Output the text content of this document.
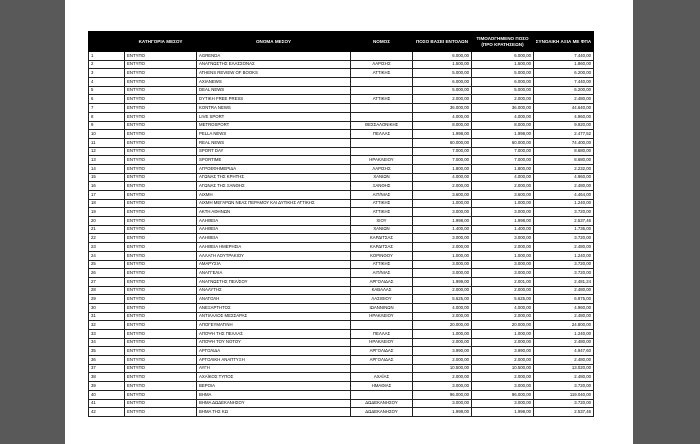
	ΚΑΤΗΓΟΡΙΑ ΜΕΣΟΥ	ΟΝΟΜΑ ΜΕΣΟΥ	ΝΟΜΟΣ	ΠΟΣΟ ΒΑΣΕΙ ΕΝΤΟΛΩΝ	ΤΙΜΟΛΟΓΗΜΕΝΟ ΠΟΣΟ (ΠΡΟ ΚΡΑΤΗΣΕΩΝ)	ΣΥΝΟΛΙΚΗ ΑΞΙΑ ΜΕ ΦΠΑ
1	ΕΝΤΥΠΟ	AGRENDA		6.000,00	6.000,00	7.440,00
2	ΕΝΤΥΠΟ	ΑΝΑΓΝΩΣΤΗΣ ΕΛΑΣΣΟΝΑΣ	ΛΑΡΙΣΗΣ	1.500,00	1.500,00	1.860,00
3	ΕΝΤΥΠΟ	ATHENS REVIEW OF BOOKS	ΑΤΤΙΚΗΣ	5.000,00	5.000,00	6.200,00
4	ΕΝΤΥΠΟ	AXIANEWS		6.000,00	6.000,00	7.440,00
5	ΕΝΤΥΠΟ	DEAL NEWS		5.000,00	5.000,00	6.200,00
6	ΕΝΤΥΠΟ	DYTIKH FREE PRESS	ΑΤΤΙΚΗΣ	2.000,00	2.000,00	2.480,00
7	ΕΝΤΥΠΟ	KONTRA NEWS		36.000,00	36.000,00	44.640,00
8	ΕΝΤΥΠΟ	LIVE SPORT		4.000,00	4.000,00	4.960,00
9	ΕΝΤΥΠΟ	METROSPORT	ΘΕΣΣΑΛΟΝΙΚΗΣ	8.000,00	8.000,00	9.920,00
10	ΕΝΤΥΠΟ	PELLA NEWS	ΠΕΛΛΑΣ	1.998,00	1.998,00	2.477,52
11	ΕΝΤΥΠΟ	REAL NEWS		60.000,00	60.000,00	74.400,00
12	ΕΝΤΥΠΟ	SPORT DAY		7.000,00	7.000,00	8.680,00
13	ΕΝΤΥΠΟ	SPORTIME	ΗΡΑΚΛΕΙΟΥ	7.000,00	7.000,00	8.680,00
14	ΕΝΤΥΠΟ	ΑΓΡΟΕΦΗΜΕΡΙΔΑ	ΛΑΡΙΣΗΣ	1.800,00	1.800,00	2.232,00
15	ΕΝΤΥΠΟ	ΑΓΩΝΑΣ ΤΗΣ ΚΡΗΤΗΣ	ΧΑΝΙΩΝ	4.000,00	4.000,00	4.960,00
16	ΕΝΤΥΠΟ	ΑΓΩΝΑΣ ΤΗΣ ΞΑΝΘΗΣ	ΞΑΝΘΗΣ	2.000,00	2.000,00	2.480,00
17	ΕΝΤΥΠΟ	ΑΙΧΜΗ	ΑΙΤ/ΝΙΑΣ	3.600,00	3.600,00	4.464,00
18	ΕΝΤΥΠΟ	ΑΙΧΜΗ ΜΕΓΑΡΩΝ ΝΕΑΣ ΠΕΡΑΜΟΥ ΚΑΙ ΔΥΤΙΚΗΣ ΑΤΤΙΚΗΣ	ΑΤΤΙΚΗΣ	1.000,00	1.000,00	1.240,00
19	ΕΝΤΥΠΟ	ΑΚΤΗ ΑΘΗΝΩΝ	ΑΤΤΙΚΗΣ	3.000,00	3.000,00	3.720,00
20	ΕΝΤΥΠΟ	ΑΛΗΘΕΙΑ	ΧΙΟΥ	1.998,00	1.998,00	2.537,46
21	ΕΝΤΥΠΟ	ΑΛΗΘΕΙΑ	ΧΑΝΙΩΝ	1.400,00	1.400,00	1.736,00
22	ΕΝΤΥΠΟ	ΑΛΗΘΕΙΑ	ΚΑΡΔΙΤΣΑΣ	3.000,00	3.000,00	3.720,00
23	ΕΝΤΥΠΟ	ΑΛΗΘΕΙΑ ΗΜΕΡΗΣΙΑ	ΚΑΡΔΙΤΣΑΣ	2.000,00	2.000,00	2.480,00
24	ΕΝΤΥΠΟ	ΑΛΛΑΓΗ ΛΟΥΤΡΑΚΙΟΥ	ΚΟΡΙΝΘΟΥ	1.000,00	1.000,00	1.240,00
25	ΕΝΤΥΠΟ	ΑΜΑΡΥΣΙΑ	ΑΤΤΙΚΗΣ	3.000,00	3.000,00	3.720,00
26	ΕΝΤΥΠΟ	ΑΝΑΓΓΕΛΙΑ	ΑΙΤ/ΝΙΑΣ	3.000,00	3.000,00	3.720,00
27	ΕΝΤΥΠΟ	ΑΝΑΓΝΩΣΤΗΣ ΠΕΛ/ΣΟΥ	ΑΡΓΟΛΙΔΑΣ	1.999,00	2.001,00	2.481,24
28	ΕΝΤΥΠΟ	ΑΝΑΛΥΤΗΣ	ΚΑΒΑΛΑΣ	2.000,00	2.000,00	2.480,00
29	ΕΝΤΥΠΟ	ΑΝΑΤΟΛΗ	ΛΑΣΙΘΙΟΥ	5.625,00	5.625,00	6.975,00
30	ΕΝΤΥΠΟ	ΑΝΕΞΑΡΤΗΤΟΣ	ΙΩΑΝΝΙΝΩΝ	4.000,00	4.000,00	4.960,00
31	ΕΝΤΥΠΟ	ΑΝΤΙΛΑΛΟΣ ΜΕΣΣΑΡΑΣ	ΗΡΑΚΛΕΙΟΥ	2.000,00	2.000,00	2.480,00
32	ΕΝΤΥΠΟ	ΑΠΟΓΕΥΜΑΤΙΝΗ		20.000,00	20.000,00	24.800,00
33	ΕΝΤΥΠΟ	ΑΠΟΨΗ ΤΗΣ ΠΕΛΛΑΣ	ΠΕΛΛΑΣ	1.000,00	1.000,00	1.240,00
34	ΕΝΤΥΠΟ	ΑΠΟΨΗ ΤΟΥ ΝΟΤΟΥ	ΗΡΑΚΛΕΙΟΥ	2.000,00	2.000,00	2.480,00
35	ΕΝΤΥΠΟ	ΑΡΓΟΛΙΔΑ	ΑΡΓΟΛΙΔΑΣ	3.990,00	3.990,00	4.947,60
36	ΕΝΤΥΠΟ	ΑΡΓΟΛΙΚΗ ΑΝΑΠΤΥΞΗ	ΑΡΓΟΛΙΔΑΣ	2.000,00	2.000,00	2.480,00
37	ΕΝΤΥΠΟ	ΑΥΓΗ		10.500,00	10.500,00	13.020,00
38	ΕΝΤΥΠΟ	ΑΧΑΪΚΟΣ ΤΥΠΟΣ	ΑΧΑΪΑΣ	2.000,00	2.000,00	2.480,00
39	ΕΝΤΥΠΟ	ΒΕΡΟΙΑ	ΗΜΑΘΙΑΣ	3.000,00	3.000,00	3.720,00
40	ΕΝΤΥΠΟ	ΒΗΜΑ		96.000,00	96.000,00	119.040,00
41	ΕΝΤΥΠΟ	ΒΗΜΑ ΔΩΔΕΚΑΝΗΣΟΥ	ΔΩΔΕΚΑΝΗΣΟΥ	3.000,00	3.000,00	3.720,00
42	ΕΝΤΥΠΟ	ΒΗΜΑ ΤΗΣ ΚΩ	ΔΩΔΕΚΑΝΗΣΟΥ	1.998,00	1.998,00	2.537,46
